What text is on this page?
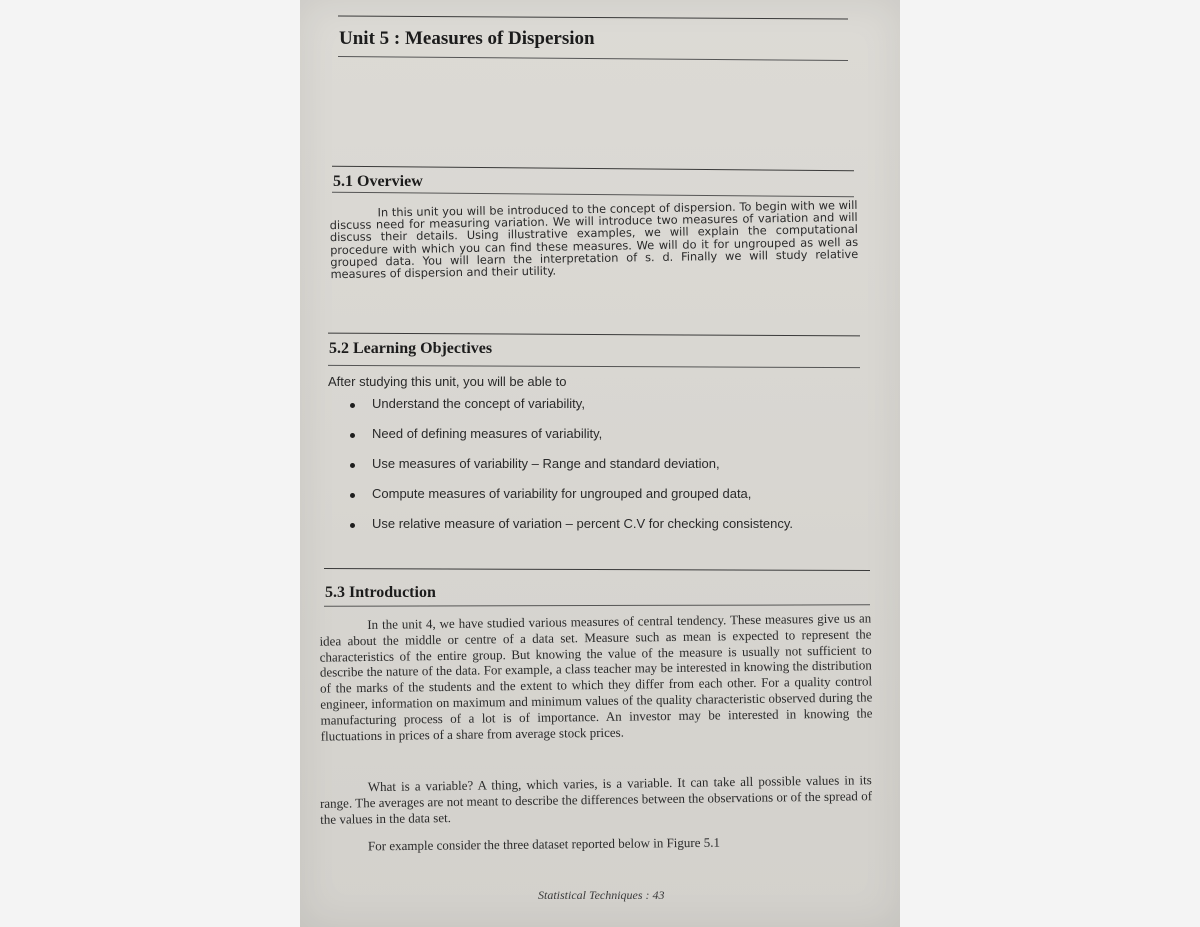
Unit 5 : Measures of Dispersion
5.1 Overview
In this unit you will be introduced to the concept of dispersion. To begin with we will discuss need for measuring variation. We will introduce two measures of variation and will discuss their details. Using illustrative examples, we will explain the computational procedure with which you can find these measures. We will do it for ungrouped as well as grouped data. You will learn the interpretation of s. d. Finally we will study relative measures of dispersion and their utility.
5.2 Learning Objectives
After studying this unit, you will be able to
Understand the concept of variability,
Need of defining measures of variability,
Use measures of variability – Range and standard deviation,
Compute measures of variability for ungrouped and grouped data,
Use relative measure of variation – percent C.V for checking consistency.
5.3 Introduction
In the unit 4, we have studied various measures of central tendency. These measures give us an idea about the middle or centre of a data set. Measure such as mean is expected to represent the characteristics of the entire group. But knowing the value of the measure is usually not sufficient to describe the nature of the data. For example, a class teacher may be interested in knowing the distribution of the marks of the students and the extent to which they differ from each other. For a quality control engineer, information on maximum and minimum values of the quality characteristic observed during the manufacturing process of a lot is of importance. An investor may be interested in knowing the fluctuations in prices of a share from average stock prices.
What is a variable? A thing, which varies, is a variable. It can take all possible values in its range. The averages are not meant to describe the differences between the observations or of the spread of the values in the data set.
For example consider the three dataset reported below in Figure 5.1
Statistical Techniques : 43
